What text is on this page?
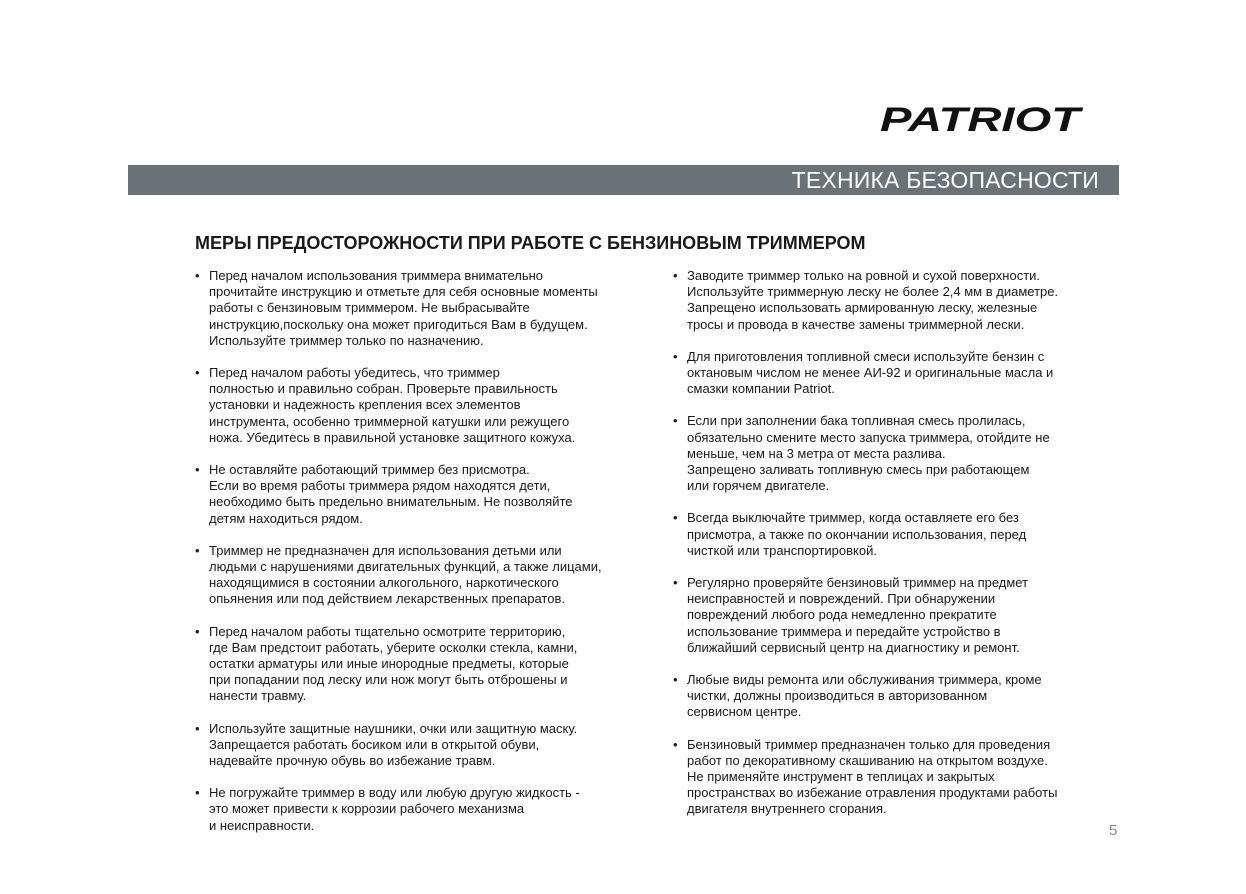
PATRIOT
ТЕХНИКА БЕЗОПАСНОСТИ
МЕРЫ ПРЕДОСТОРОЖНОСТИ ПРИ РАБОТЕ С БЕНЗИНОВЫМ ТРИММЕРОМ
• Перед началом использования триммера внимательно
прочитайте инструкцию и отметьте для себя основные моменты
работы с бензиновым триммером. Не выбрасывайте
инструкцию,поскольку она может пригодиться Вам в будущем.
Используйте триммер только по назначению.
• Перед началом работы убедитесь, что триммер
полностью и правильно собран. Проверьте правильность
установки и надежность крепления всех элементов
инструмента, особенно триммерной катушки или режущего
ножа. Убедитесь в правильной установке защитного кожуха.
• Не оставляйте работающий триммер без присмотра.
Если во время работы триммера рядом находятся дети,
необходимо быть предельно внимательным. Не позволяйте
детям находиться рядом.
• Триммер не предназначен для использования детьми или
людьми с нарушениями двигательных функций, а также лицами,
находящимися в состоянии алкогольного, наркотического
опьянения или под действием лекарственных препаратов.
• Перед началом работы тщательно осмотрите территорию,
где Вам предстоит работать, уберите осколки стекла, камни,
остатки арматуры или иные инородные предметы, которые
при попадании под леску или нож могут быть отброшены и
нанести травму.
• Используйте защитные наушники, очки или защитную маску.
Запрещается работать босиком или в открытой обуви,
надевайте прочную обувь во избежание травм.
• Не погружайте триммер в воду или любую другую жидкость -
это может привести к коррозии рабочего механизма
и неисправности.
• Заводите триммер только на ровной и сухой поверхности.
Используйте триммерную леску не более 2,4 мм в диаметре.
Запрещено использовать армированную леску, железные
тросы и провода в качестве замены триммерной лески.
• Для приготовления топливной смеси используйте бензин с
октановым числом не менее АИ-92 и оригинальные масла и
смазки компании Patriot.
• Если при заполнении бака топливная смесь пролилась,
обязательно смените место запуска триммера, отойдите не
меньше, чем на 3 метра от места разлива.
Запрещено заливать топливную смесь при работающем
или горячем двигателе.
• Всегда выключайте триммер, когда оставляете его без
присмотра, а также по окончании использования, перед
чисткой или транспортировкой.
• Регулярно проверяйте бензиновый триммер на предмет
неисправностей и повреждений. При обнаружении
повреждений любого рода немедленно прекратите
использование триммера и передайте устройство в
ближайший сервисный центр на диагностику и ремонт.
• Любые виды ремонта или обслуживания триммера, кроме
чистки, должны производиться в авторизованном
сервисном центре.
• Бензиновый триммер предназначен только для проведения
работ по декоративному скашиванию на открытом воздухе.
Не применяйте инструмент в теплицах и закрытых
пространствах во избежание отравления продуктами работы
двигателя внутреннего сгорания.
5
